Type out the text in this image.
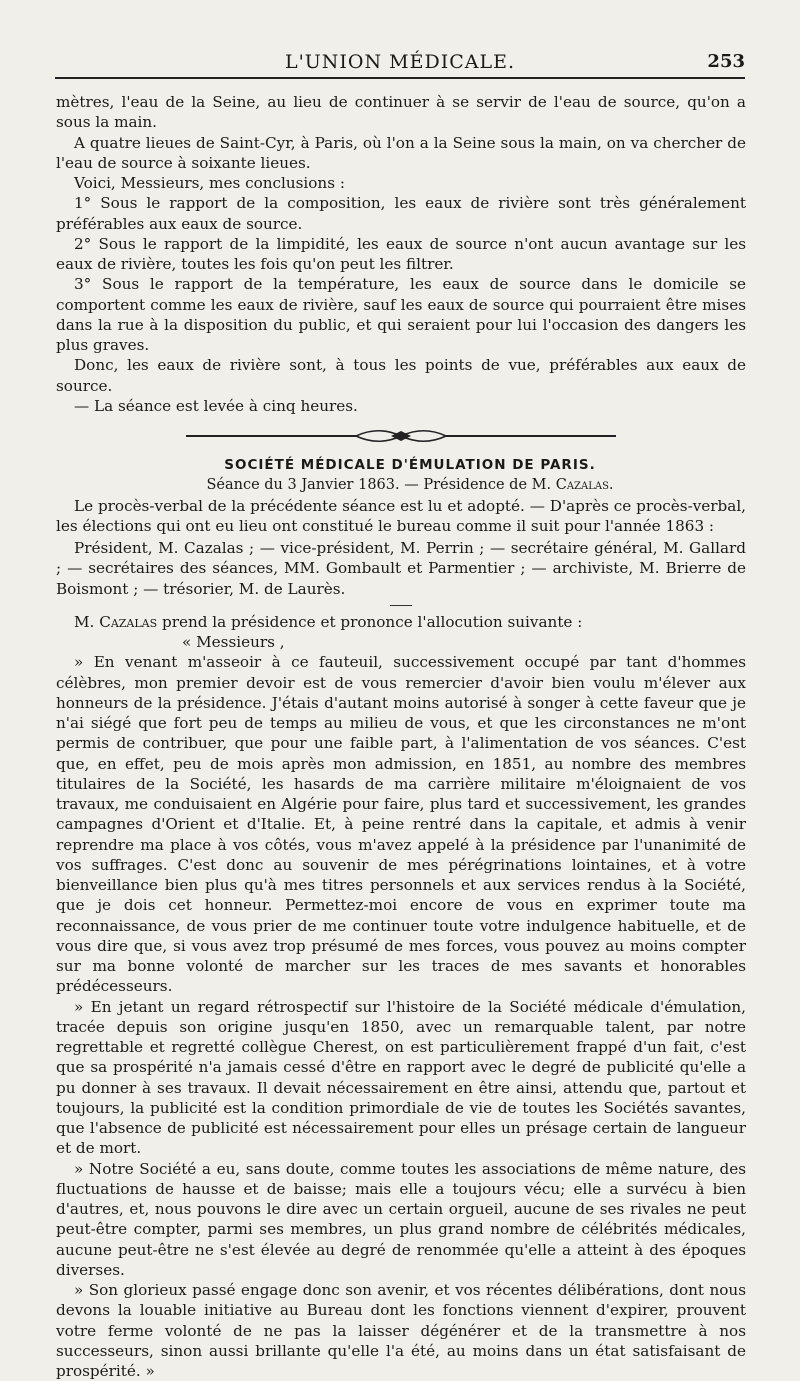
L'UNION MÉDICALE.	253

mètres, l'eau de la Seine, au lieu de continuer à se servir de l'eau de source, qu'on a sous la main.

A quatre lieues de Saint-Cyr, à Paris, où l'on a la Seine sous la main, on va chercher de l'eau de source à soixante lieues.

Voici, Messieurs, mes conclusions :

1° Sous le rapport de la composition, les eaux de rivière sont très généralement préférables aux eaux de source.

2° Sous le rapport de la limpidité, les eaux de source n'ont aucun avantage sur les eaux de rivière, toutes les fois qu'on peut les filtrer.

3° Sous le rapport de la température, les eaux de source dans le domicile se comportent comme les eaux de rivière, sauf les eaux de source qui pourraient être mises dans la rue à la disposition du public, et qui seraient pour lui l'occasion des dangers les plus graves.

Donc, les eaux de rivière sont, à tous les points de vue, préférables aux eaux de source.

— La séance est levée à cinq heures.

SOCIÉTÉ MÉDICALE D'ÉMULATION DE PARIS.

Séance du 3 Janvier 1863. — Présidence de M. Cazalas.

Le procès-verbal de la précédente séance est lu et adopté. — D'après ce procès-verbal, les élections qui ont eu lieu ont constitué le bureau comme il suit pour l'année 1863 :

Président, M. Cazalas ; — vice-président, M. Perrin ; — secrétaire général, M. Gallard ; — secrétaires des séances, MM. Gombault et Parmentier ; — archiviste, M. Brierre de Boismont ; — trésorier, M. de Laurès.

M. Cazalas prend la présidence et prononce l'allocution suivante :

« Messieurs ,

» En venant m'asseoir à ce fauteuil, successivement occupé par tant d'hommes célèbres, mon premier devoir est de vous remercier d'avoir bien voulu m'élever aux honneurs de la présidence. J'étais d'autant moins autorisé à songer à cette faveur que je n'ai siégé que fort peu de temps au milieu de vous, et que les circonstances ne m'ont permis de contribuer, que pour une faible part, à l'alimentation de vos séances. C'est que, en effet, peu de mois après mon admission, en 1851, au nombre des membres titulaires de la Société, les hasards de ma carrière militaire m'éloignaient de vos travaux, me conduisaient en Algérie pour faire, plus tard et successivement, les grandes campagnes d'Orient et d'Italie. Et, à peine rentré dans la capitale, et admis à venir reprendre ma place à vos côtés, vous m'avez appelé à la présidence par l'unanimité de vos suffrages. C'est donc au souvenir de mes pérégrinations lointaines, et à votre bienveillance bien plus qu'à mes titres personnels et aux services rendus à la Société, que je dois cet honneur. Permettez-moi encore de vous en exprimer toute ma reconnaissance, de vous prier de me continuer toute votre indulgence habituelle, et de vous dire que, si vous avez trop présumé de mes forces, vous pouvez au moins compter sur ma bonne volonté de marcher sur les traces de mes savants et honorables prédécesseurs.

» En jetant un regard rétrospectif sur l'histoire de la Société médicale d'émulation, tracée depuis son origine jusqu'en 1850, avec un remarquable talent, par notre regrettable et regretté collègue Cherest, on est particulièrement frappé d'un fait, c'est que sa prospérité n'a jamais cessé d'être en rapport avec le degré de publicité qu'elle a pu donner à ses travaux. Il devait nécessairement en être ainsi, attendu que, partout et toujours, la publicité est la condition primordiale de vie de toutes les Sociétés savantes, que l'absence de publicité est nécessairement pour elles un présage certain de langueur et de mort.

» Notre Société a eu, sans doute, comme toutes les associations de même nature, des fluctuations de hausse et de baisse; mais elle a toujours vécu; elle a survécu à bien d'autres, et, nous pouvons le dire avec un certain orgueil, aucune de ses rivales ne peut peut-être compter, parmi ses membres, un plus grand nombre de célébrités médicales, aucune peut-être ne s'est élevée au degré de renommée qu'elle a atteint à des époques diverses.

» Son glorieux passé engage donc son avenir, et vos récentes délibérations, dont nous devons la louable initiative au Bureau dont les fonctions viennent d'expirer, prouvent votre ferme volonté de ne pas la laisser dégénérer et de la transmettre à nos successeurs, sinon aussi brillante qu'elle l'a été, au moins dans un état satisfaisant de prospérité. »
